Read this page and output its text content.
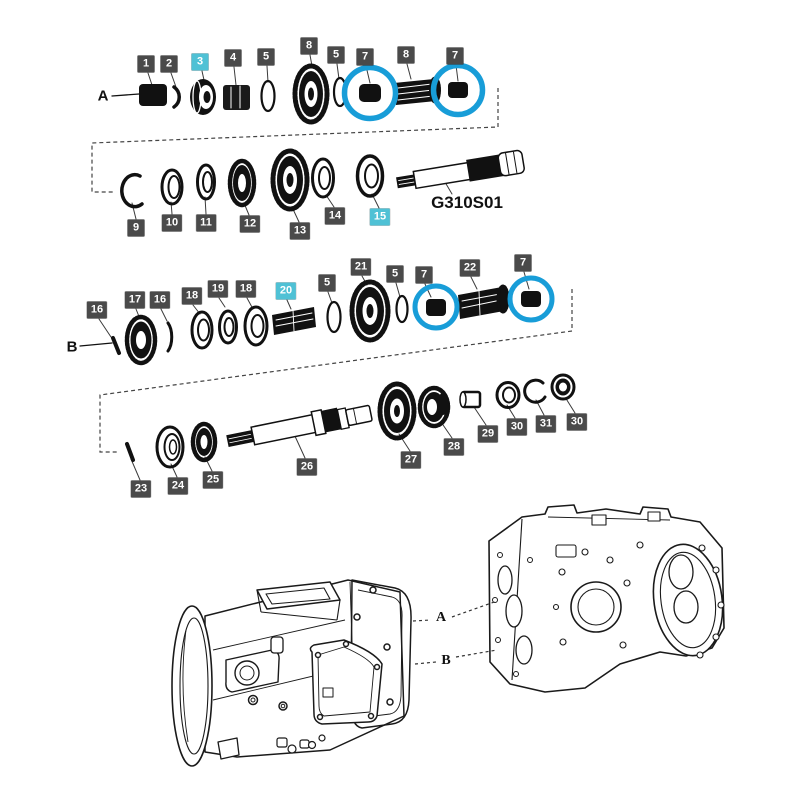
1	2	3	4	5
8
5	7	8	7
9	10	11	12
13
14	15
16
17	16	18
19	18	20
5
21
5	7
22	7
23	24	25
26
27
28
29
30	31	30
A
B
A
B
G310S01
